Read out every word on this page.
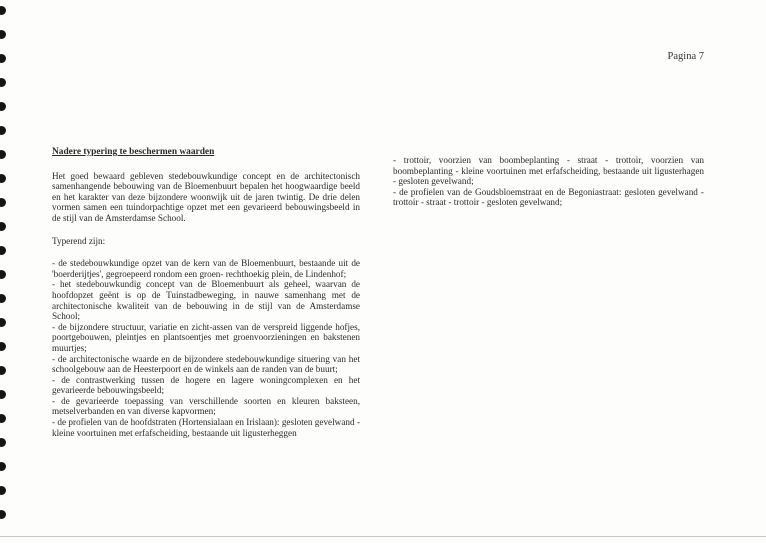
Pagina 7

Nadere typering te beschermen waarden

Het goed bewaard gebleven stedebouwkundige concept en de architectonisch samenhangende bebouwing van de Bloemenbuurt bepalen het hoogwaardige beeld en het karakter van deze bijzondere woonwijk uit de jaren twintig. De drie delen vormen samen een tuindorpachtige opzet met een gevarieerd bebouwingsbeeld in de stijl van de Amsterdamse School.

Typerend zijn:

- de stedebouwkundige opzet van de kern van de Bloemenbuurt, bestaande uit de 'boerderijtjes', gegroepeerd rondom een groen- rechthoekig plein, de Lindenhof;

- het stedebouwkundig concept van de Bloemenbuurt als geheel, waarvan de hoofdopzet geënt is op de Tuinstadbeweging, in nauwe samenhang met de architectonische kwaliteit van de bebouwing in de stijl van de Amsterdamse School;

- de bijzondere structuur, variatie en zicht-assen van de verspreid liggende hofjes, poortgebouwen, pleintjes en plantsoentjes met groenvoorzieningen en bakstenen muurtjes;

- de architectonische waarde en de bijzondere stedebouwkundige situering van het schoolgebouw aan de Heesterpoort en de winkels aan de randen van de buurt;

- de contrastwerking tussen de hogere en lagere woningcomplexen en het gevarieerde bebouwingsbeeld;

- de gevarieerde toepassing van verschillende soorten en kleuren baksteen, metselverbanden en van diverse kapvormen;

- de profielen van de hoofdstraten (Hortensialaan en Irislaan): gesloten gevelwand - kleine voortuinen met erfafscheiding, bestaande uit ligusterheggen

- trottoir, voorzien van boombeplanting - straat - trottoir, voorzien van boombeplanting - kleine voortuinen met erfafscheiding, bestaande uit ligusterhagen - gesloten gevelwand;

- de profielen van de Goudsbloemstraat en de Begoniastraat: gesloten gevelwand - trottoir - straat - trottoir - gesloten gevelwand;
